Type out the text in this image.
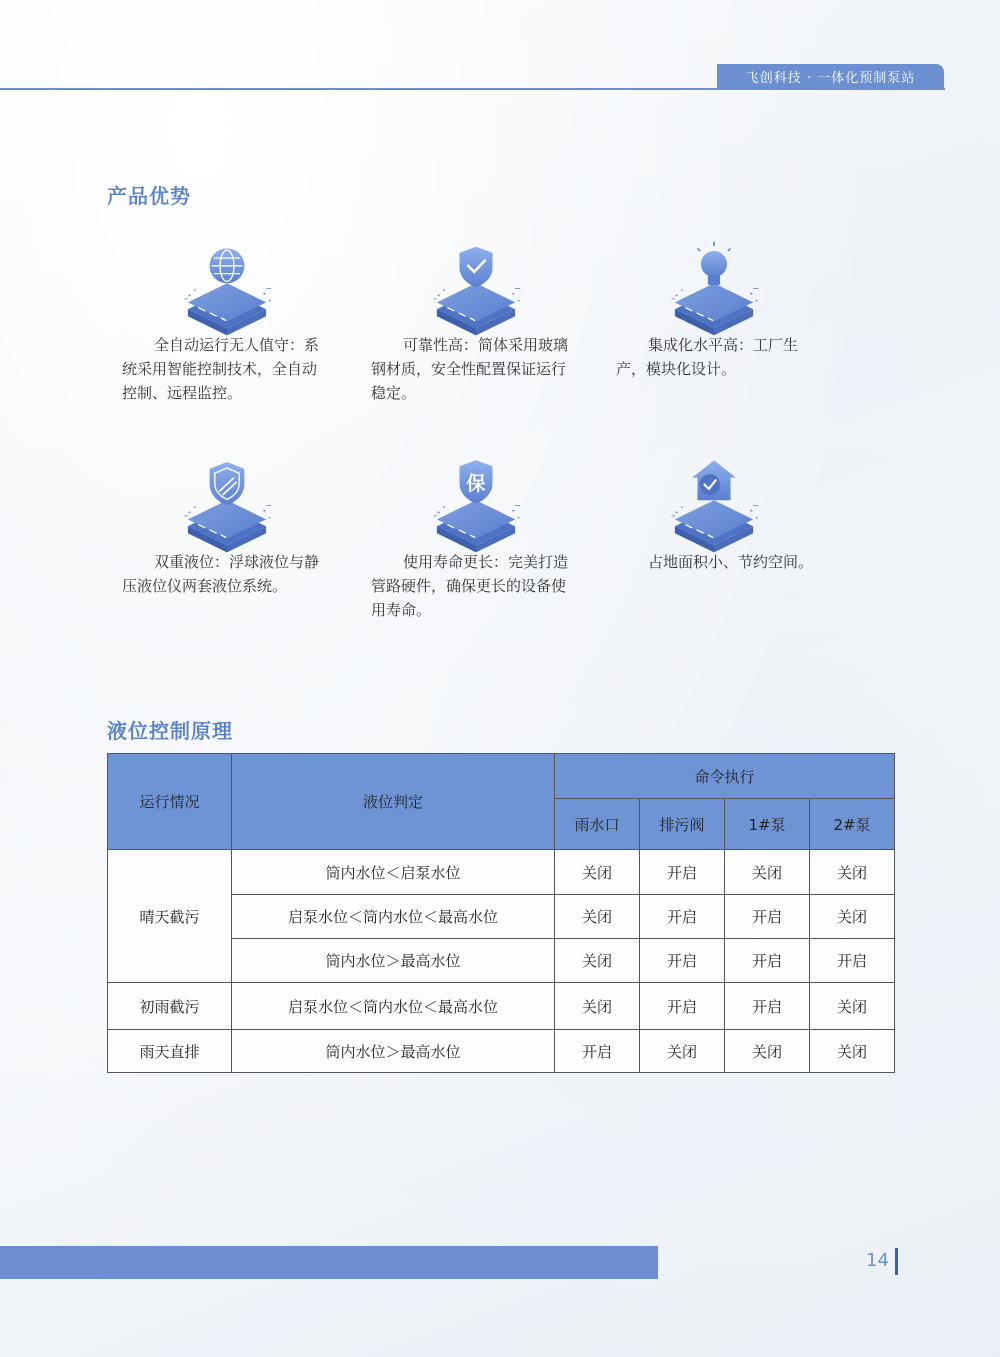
飞创科技 · 一体化预制泵站
产品优势
全自动运行无人值守：系统采用智能控制技术，全自动控制、远程监控。
可靠性高：简体采用玻璃钢材质，安全性配置保证运行稳定。
集成化水平高：工厂生产，模块化设计。
双重液位：浮球液位与静压液位仪两套液位系统。
保
使用寿命更长：完美打造管路硬件，确保更长的设备使用寿命。
占地面积小、节约空间。
液位控制原理
运行情况	液位判定	命令执行			
		雨水口	排污阀	1#泵	2#泵
晴天截污	筒内水位＜启泵水位	关闭	开启	关闭	关闭
	启泵水位＜筒内水位＜最高水位	关闭	开启	开启	关闭
	筒内水位＞最高水位	关闭	开启	开启	开启
初雨截污	启泵水位＜筒内水位＜最高水位	关闭	开启	开启	关闭
雨天直排	筒内水位＞最高水位	开启	关闭	关闭	关闭
14
